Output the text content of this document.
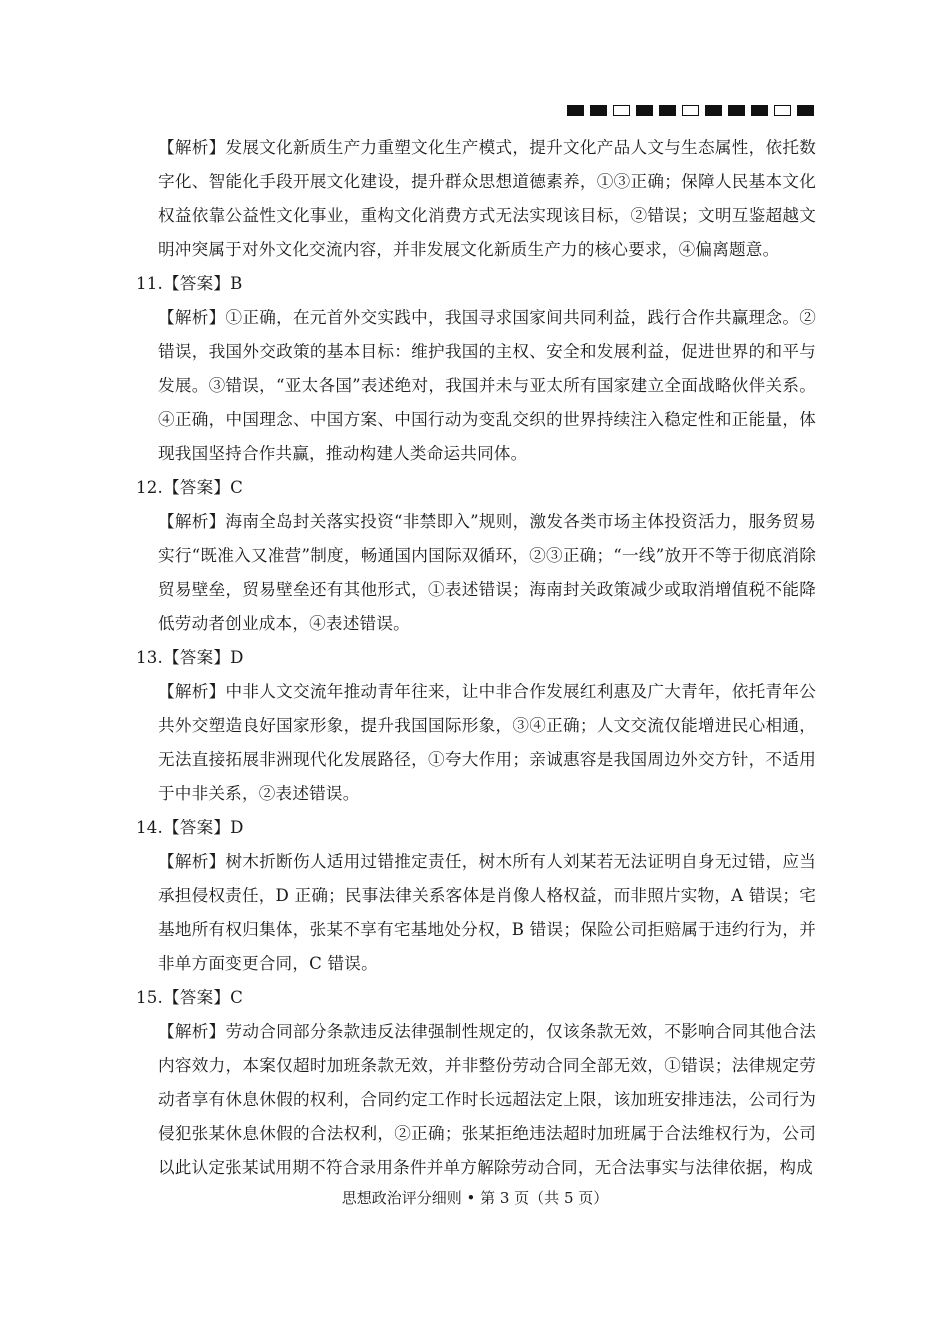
【解析】发展文化新质生产力重塑文化生产模式，提升文化产品人文与生态属性，依托数字化、智能化手段开展文化建设，提升群众思想道德素养，①③正确；保障人民基本文化权益依靠公益性文化事业，重构文化消费方式无法实现该目标，②错误；文明互鉴超越文明冲突属于对外文化交流内容，并非发展文化新质生产力的核心要求，④偏离题意。

11.【答案】B

【解析】①正确，在元首外交实践中，我国寻求国家间共同利益，践行合作共赢理念。②错误，我国外交政策的基本目标：维护我国的主权、安全和发展利益，促进世界的和平与发展。③错误，“亚太各国”表述绝对，我国并未与亚太所有国家建立全面战略伙伴关系。④正确，中国理念、中国方案、中国行动为变乱交织的世界持续注入稳定性和正能量，体现我国坚持合作共赢，推动构建人类命运共同体。

12.【答案】C

【解析】海南全岛封关落实投资“非禁即入”规则，激发各类市场主体投资活力，服务贸易实行“既准入又准营”制度，畅通国内国际双循环，②③正确；“一线”放开不等于彻底消除贸易壁垒，贸易壁垒还有其他形式，①表述错误；海南封关政策减少或取消增值税不能降低劳动者创业成本，④表述错误。

13.【答案】D

【解析】中非人文交流年推动青年往来，让中非合作发展红利惠及广大青年，依托青年公共外交塑造良好国家形象，提升我国国际形象，③④正确；人文交流仅能增进民心相通，无法直接拓展非洲现代化发展路径，①夸大作用；亲诚惠容是我国周边外交方针，不适用于中非关系，②表述错误。

14.【答案】D

【解析】树木折断伤人适用过错推定责任，树木所有人刘某若无法证明自身无过错，应当承担侵权责任，D 正确；民事法律关系客体是肖像人格权益，而非照片实物，A 错误；宅基地所有权归集体，张某不享有宅基地处分权，B 错误；保险公司拒赔属于违约行为，并非单方面变更合同，C 错误。

15.【答案】C

【解析】劳动合同部分条款违反法律强制性规定的，仅该条款无效，不影响合同其他合法内容效力，本案仅超时加班条款无效，并非整份劳动合同全部无效，①错误；法律规定劳动者享有休息休假的权利，合同约定工作时长远超法定上限，该加班安排违法，公司行为侵犯张某休息休假的合法权利，②正确；张某拒绝违法超时加班属于合法维权行为，公司以此认定张某试用期不符合录用条件并单方解除劳动合同，无合法事实与法律依据，构成

思想政治评分细则 • 第 3 页（共 5 页）
